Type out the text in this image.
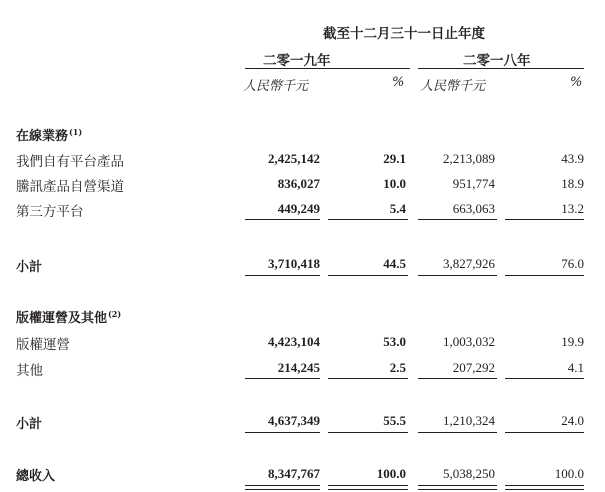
截至十二月三十一日止年度
二零一九年	二零一八年
人民幣千元	% 人民幣千元	%
在線業務$^{(1)}$
我們自有平台產品	2,425,142	29.1	2,213,089	43.9
騰訊產品自營渠道	836,027	10.0	951,774	18.9
第三方平台	449,249	5.4	663,063	13.2
小計	3,710,418	44.5	3,827,926	76.0
版權運營及其他$^{(2)}$
版權運營	4,423,104	53.0	1,003,032	19.9
其他	214,245	2.5	207,292	4.1
小計	4,637,349	55.5	1,210,324	24.0
總收入	8,347,767	100.0	5,038,250	100.0
